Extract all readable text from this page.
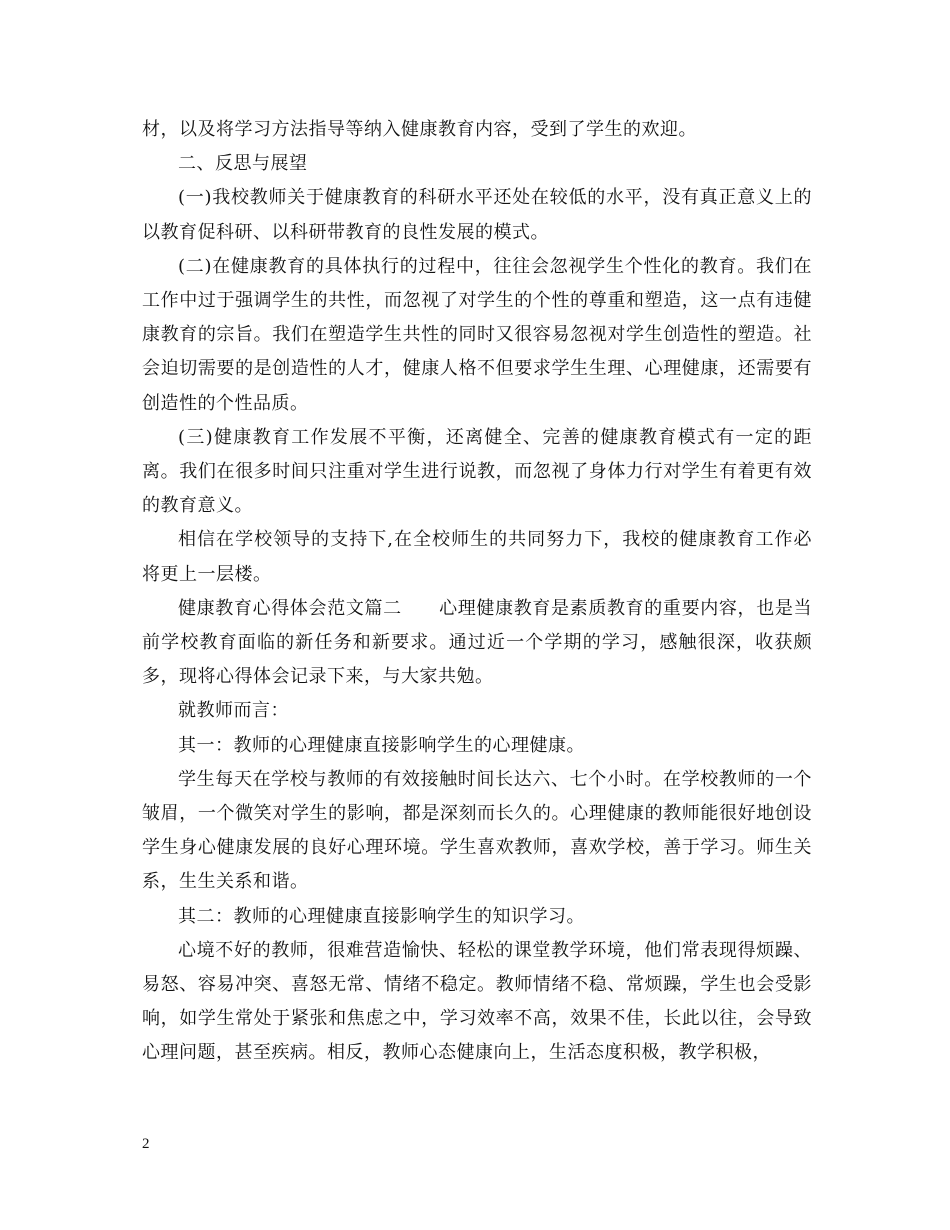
材，以及将学习方法指导等纳入健康教育内容，受到了学生的欢迎。

二、反思与展望

(一)我校教师关于健康教育的科研水平还处在较低的水平，没有真正意义上的以教育促科研、以科研带教育的良性发展的模式。

(二)在健康教育的具体执行的过程中，往往会忽视学生个性化的教育。我们在工作中过于强调学生的共性，而忽视了对学生的个性的尊重和塑造，这一点有违健康教育的宗旨。我们在塑造学生共性的同时又很容易忽视对学生创造性的塑造。社会迫切需要的是创造性的人才，健康人格不但要求学生生理、心理健康，还需要有创造性的个性品质。

(三)健康教育工作发展不平衡，还离健全、完善的健康教育模式有一定的距离。我们在很多时间只注重对学生进行说教，而忽视了身体力行对学生有着更有效的教育意义。

相信在学校领导的支持下,在全校师生的共同努力下，我校的健康教育工作必将更上一层楼。

健康教育心得体会范文篇二　　心理健康教育是素质教育的重要内容，也是当前学校教育面临的新任务和新要求。通过近一个学期的学习，感触很深，收获颇多，现将心得体会记录下来，与大家共勉。

就教师而言：

其一：教师的心理健康直接影响学生的心理健康。

学生每天在学校与教师的有效接触时间长达六、七个小时。在学校教师的一个皱眉，一个微笑对学生的影响，都是深刻而长久的。心理健康的教师能很好地创设学生身心健康发展的良好心理环境。学生喜欢教师，喜欢学校，善于学习。师生关系，生生关系和谐。

其二：教师的心理健康直接影响学生的知识学习。

心境不好的教师，很难营造愉快、轻松的课堂教学环境，他们常表现得烦躁、易怒、容易冲突、喜怒无常、情绪不稳定。教师情绪不稳、常烦躁，学生也会受影响，如学生常处于紧张和焦虑之中，学习效率不高，效果不佳，长此以往，会导致心理问题，甚至疾病。相反，教师心态健康向上，生活态度积极，教学积极，

2
